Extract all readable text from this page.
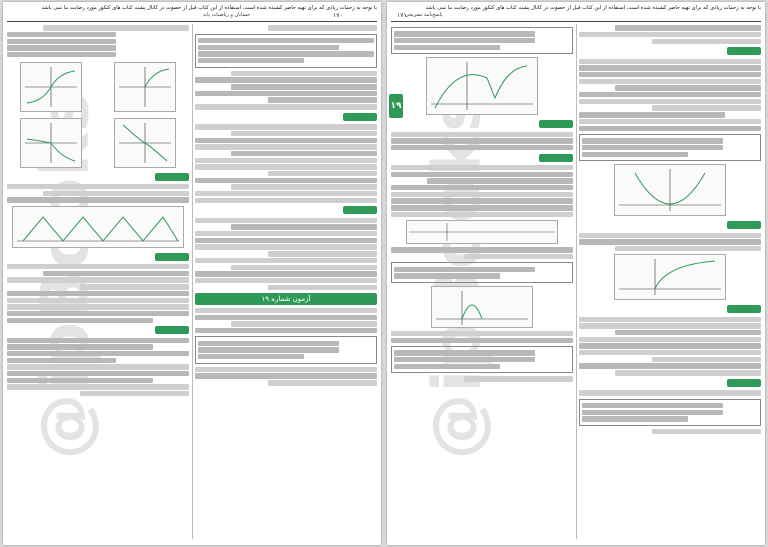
با توجه به زحمات زیادی که برای تهیه حاضر کشیده شده است، استفاده از این کتاب قبل از حصوت در کانال پشت کتاب های کنکور مورد رضایت ما نمی باشد
۱۷۰
حسابان و ریاضیات پایه
آزمون شماره ۱۹
با توجه به زحمات زیادی که برای تهیه حاضر کشیده شده است، استفاده از این کتاب قبل از حصوت در کانال پشت کتاب های کنکور مورد رضایت ما نمی باشد
۱۷۱
پاسخ‌نامه تشریحی
۱۹
